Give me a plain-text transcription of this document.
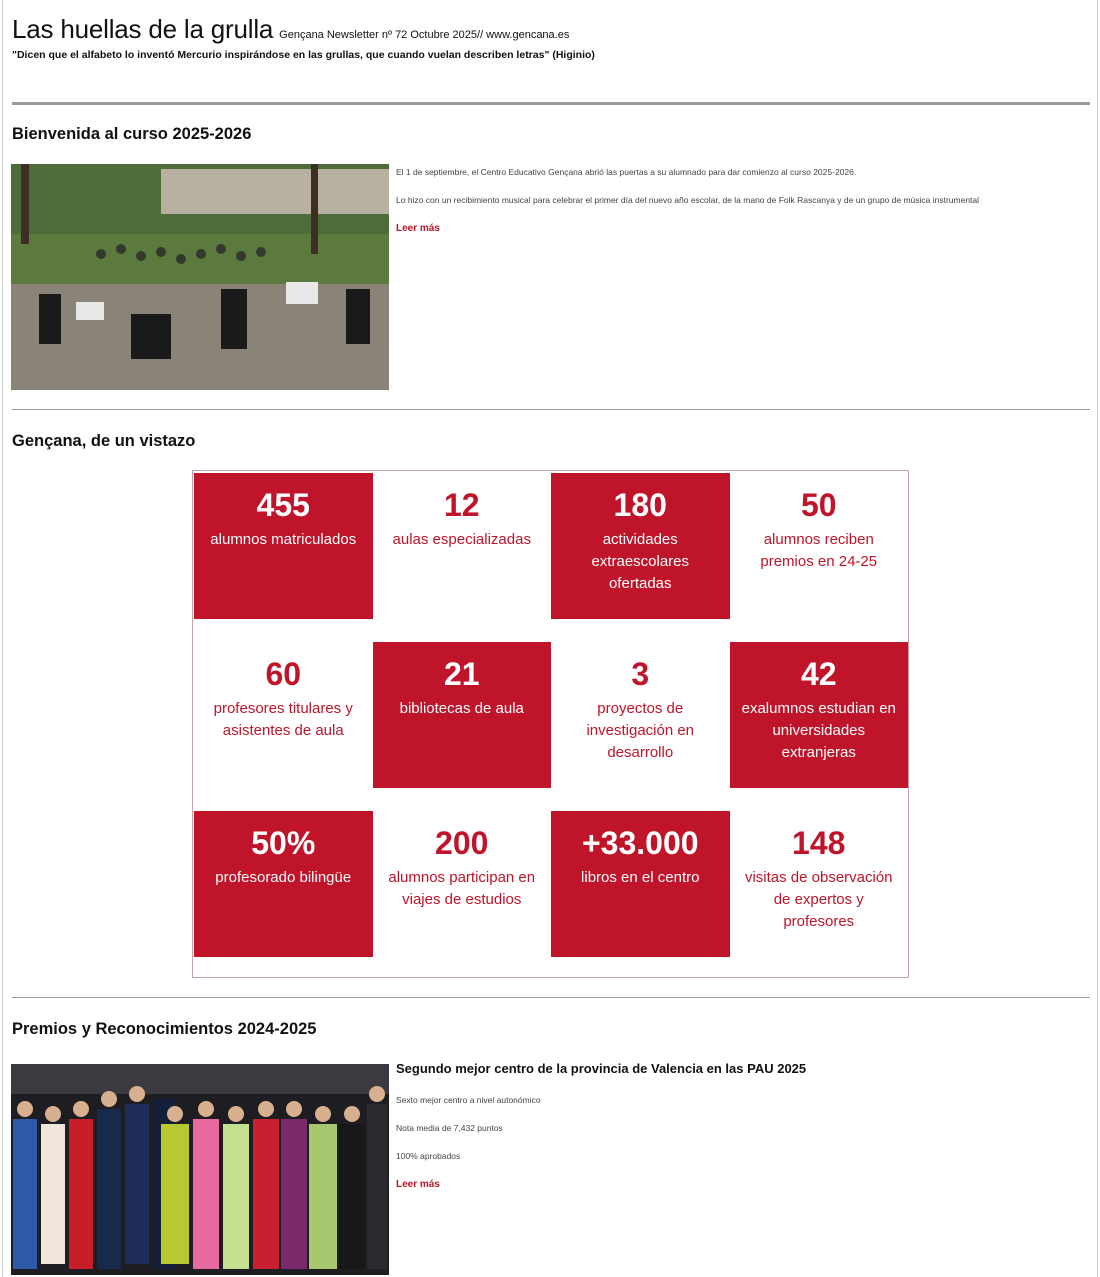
Las huellas de la grulla Gençana Newsletter nº 72 Octubre 2025// www.gencana.es
"Dicen que el alfabeto lo inventó Mercurio inspirándose en las grullas, que cuando vuelan describen letras" (Higinio)
Bienvenida al curso 2025-2026

El 1 de septiembre, el Centro Educativo Gençana abrió las puertas a su alumnado para dar comienzo al curso 2025-2026.

Lo hizo con un recibimiento musical para celebrar el primer día del nuevo año escolar, de la mano de Folk Rascanya y de un grupo de música instrumental

Leer más
Gençana, de un vistazo
455
alumnos matriculados
12
aulas especializadas
180
actividades extraescolares ofertadas
50
alumnos reciben premios en 24-25
60
profesores titulares y asistentes de aula
21
bibliotecas de aula
3
proyectos de investigación en desarrollo
42
exalumnos estudian en universidades extranjeras
50%
profesorado bilingüe
200
alumnos participan en viajes de estudios
+33.000
libros en el centro
148
visitas de observación de expertos y profesores
Premios y Reconocimientos 2024-2025
Segundo mejor centro de la provincia de Valencia en las PAU 2025

Sexto mejor centro a nivel autonómico

Nota media de 7,432 puntos

100% aprobados

Leer más
